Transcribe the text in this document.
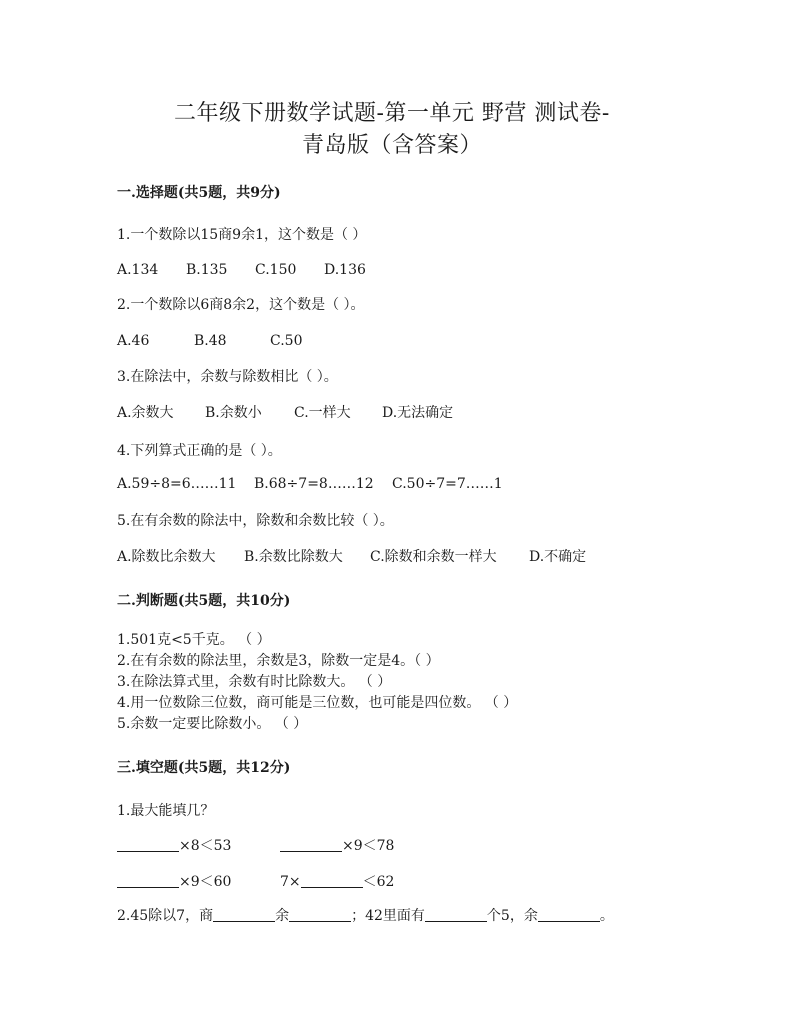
二年级下册数学试题-第一单元 野营 测试卷-
青岛版（含答案）
一.选择题(共5题，共9分)
1.一个数除以15商9余1，这个数是（ ）
A.134 B.135 C.150 D.136
2.一个数除以6商8余2，这个数是（ ）。
A.46	B.48	C.50
3.在除法中，余数与除数相比（ ）。
A.余数大 B.余数小 C.一样大 D.无法确定
4.下列算式正确的是（ ）。
A.59÷8=6……11 B.68÷7=8……12 C.50÷7=7……1
5.在有余数的除法中，除数和余数比较（ ）。
A.除数比余数大 B.余数比除数大 C.除数和余数一样大 D.不确定
二.判断题(共5题，共10分)
1.501克<5千克。 （ ）
2.在有余数的除法里，余数是3，除数一定是4。（ ）
3.在除法算式里，余数有时比除数大。 （ ）
4.用一位数除三位数，商可能是三位数，也可能是四位数。 （ ）
5.余数一定要比除数小。 （ ）
三.填空题(共5题，共12分)
1.最大能填几？
×8＜53	×9＜78
×9＜60	7×	＜62
2.45除以7，商	余	；42里面有	个5，余	。
